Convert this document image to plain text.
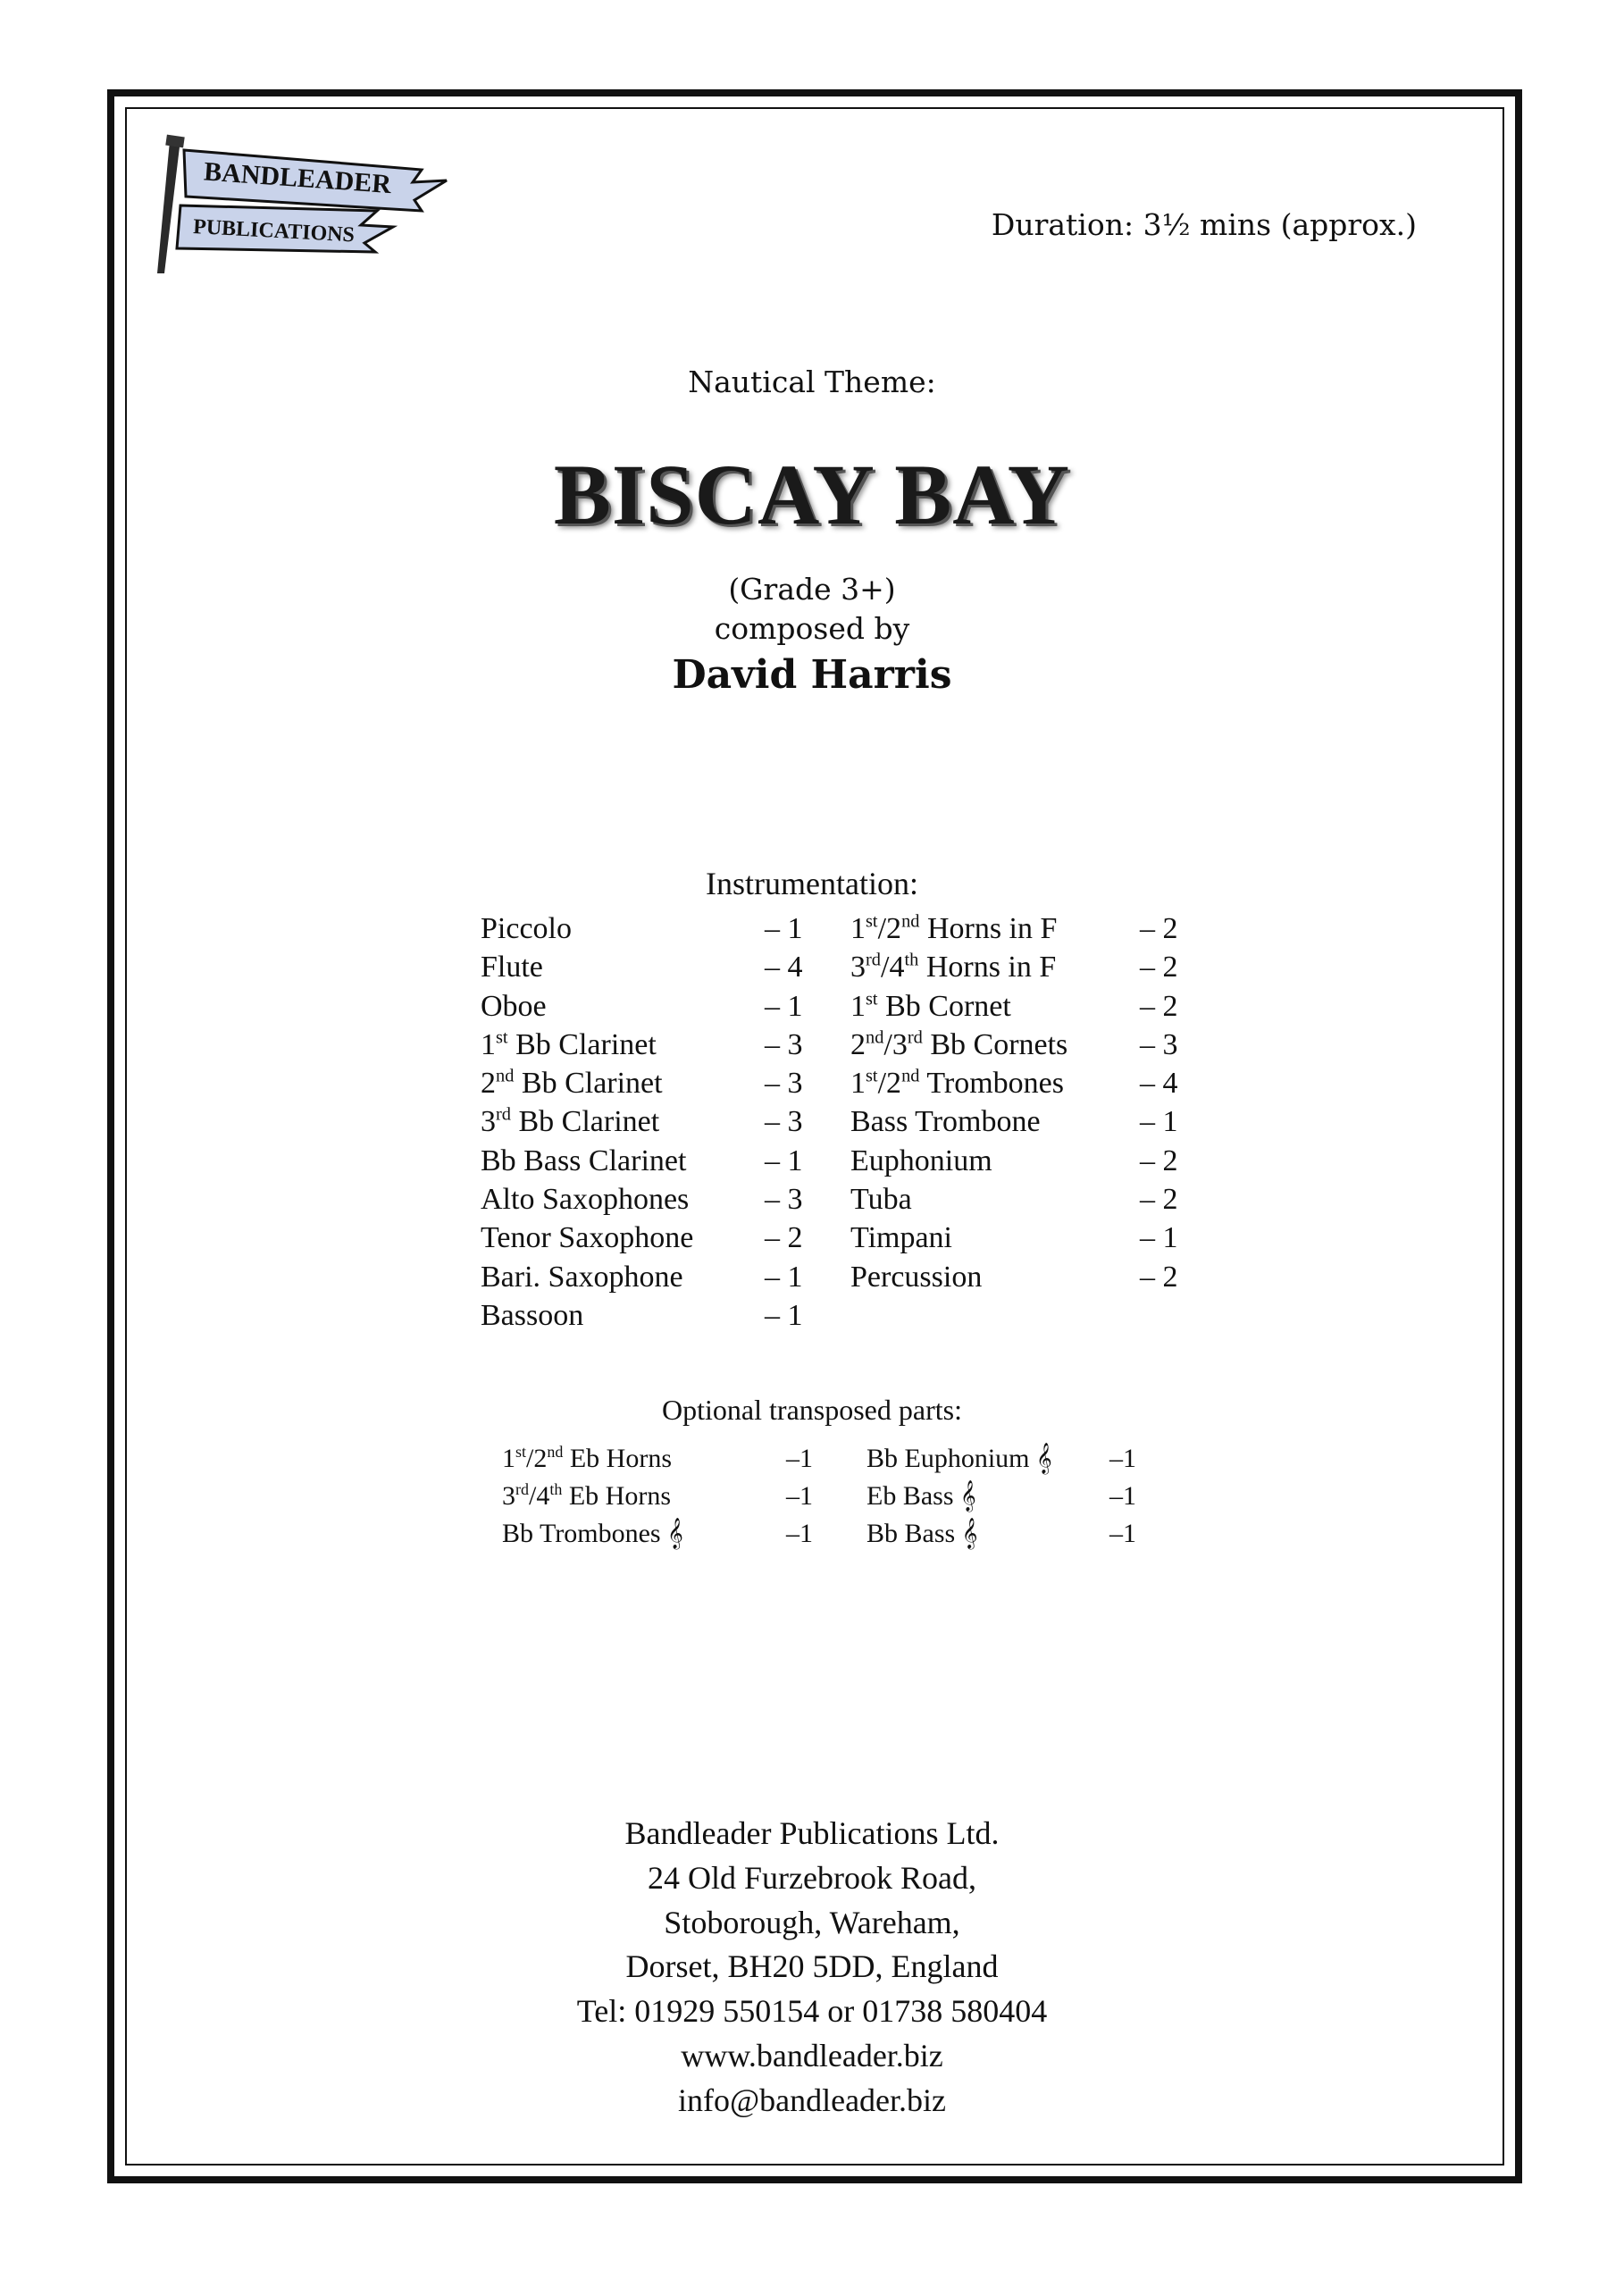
BANDLEADER
PUBLICATIONS	Duration: 3½ mins (approx.)
Nautical Theme:
BISCAY BAY
(Grade 3+)
composed by
David Harris
Instrumentation:
Piccolo	– 1
Flute	– 4
Oboe	– 1
1st Bb Clarinet	– 3
2nd Bb Clarinet	– 3
3rd Bb Clarinet	– 3
Bb Bass Clarinet	– 1
Alto Saxophones – 3
Tenor Saxophone – 2
Bari. Saxophone	– 1
Bassoon	– 1
1st/2nd Horns in F	– 2
3rd/4th Horns in F	– 2
1st Bb Cornet	– 2
2nd/3rd Bb Cornets – 3
1st/2nd Trombones – 4
Bass Trombone	– 1
Euphonium	– 2
Tuba	– 2
Timpani	– 1
Percussion	– 2
Optional transposed parts:
1st/2nd Eb Horns	–1
3rd/4th Eb Horns	–1
Bb Trombones 𝄞	–1
Bb Euphonium 𝄞 –1
Eb Bass 𝄞	–1
Bb Bass 𝄞	–1
Bandleader Publications Ltd.
24 Old Furzebrook Road,
Stoborough, Wareham,
Dorset, BH20 5DD, England
Tel: 01929 550154 or 01738 580404
www.bandleader.biz
info@bandleader.biz
